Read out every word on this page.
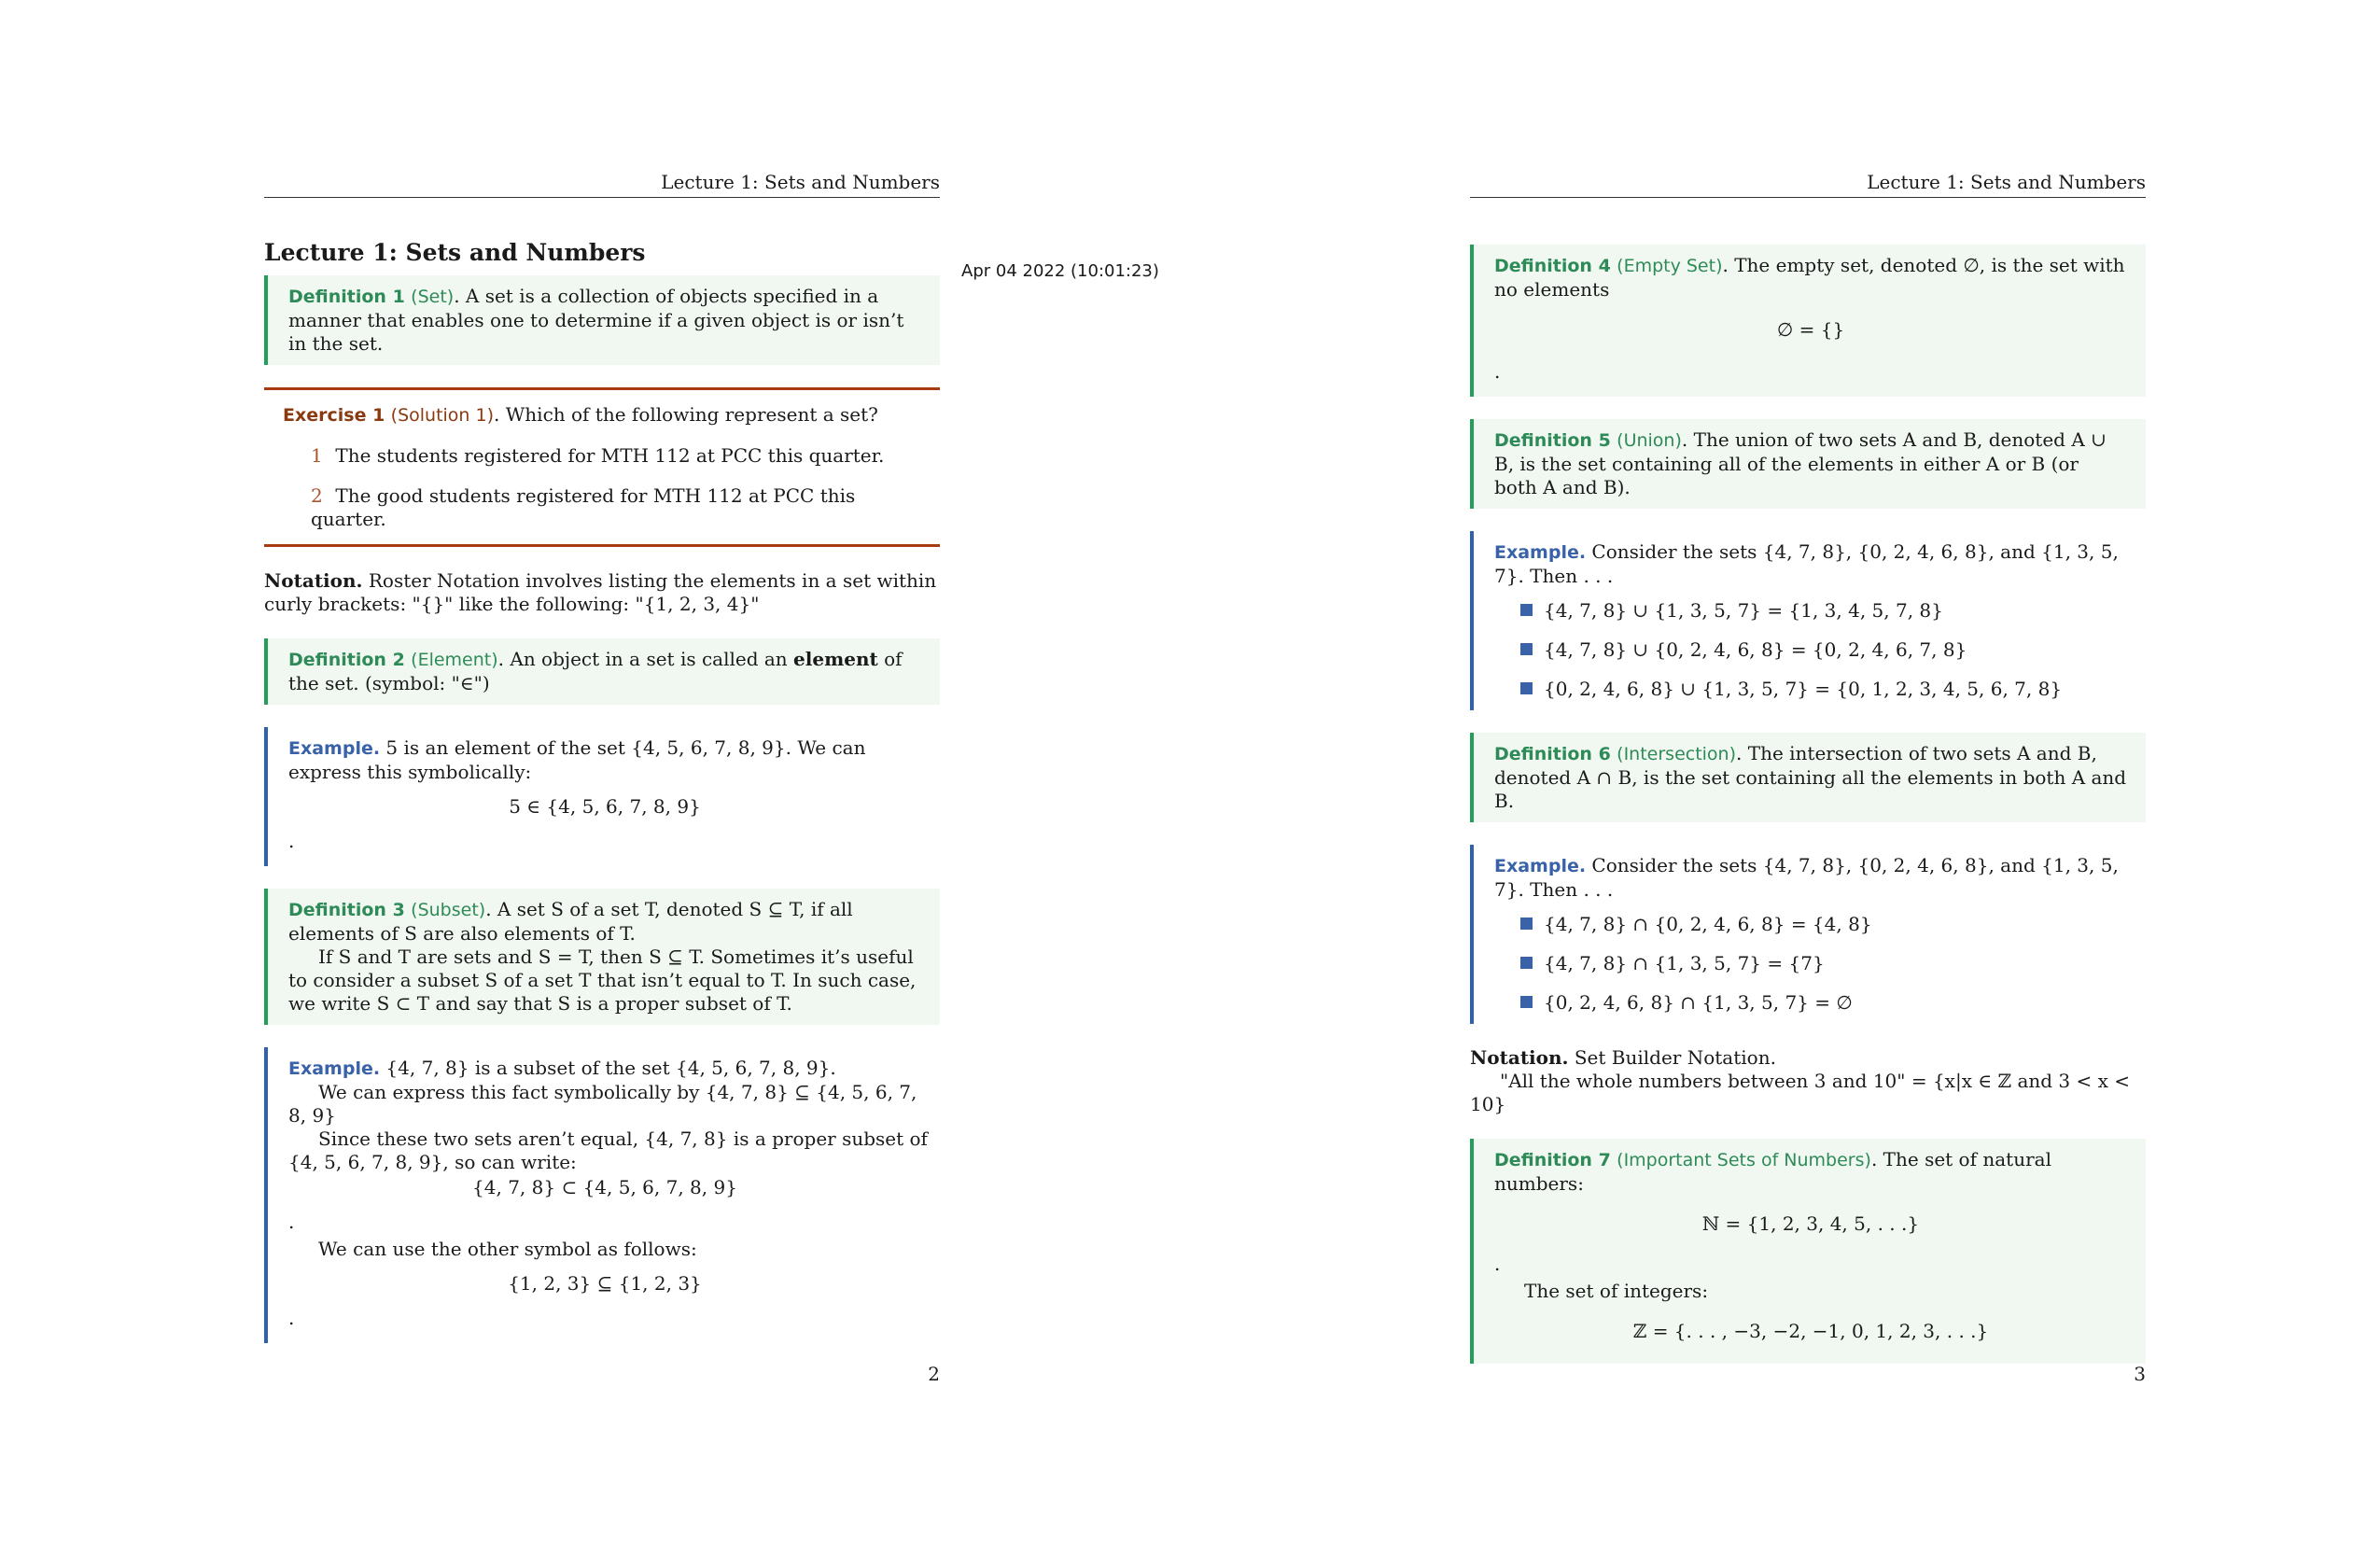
Apr 04 2022 (10:01:23)
Lecture 1: Sets and Numbers
Lecture 1: Sets and Numbers
Definition 1 (Set). A set is a collection of objects specified in a manner that enables one to determine if a given object is or isn’t in the set.
Exercise 1 (Solution 1). Which of the following represent a set?
1 The students registered for MTH 112 at PCC this quarter.
2 The good students registered for MTH 112 at PCC this quarter.
Notation. Roster Notation involves listing the elements in a set within curly brackets: "{}" like the following: "{1, 2, 3, 4}"
Definition 2 (Element). An object in a set is called an element of the set. (symbol: "∈")
Example. 5 is an element of the set {4, 5, 6, 7, 8, 9}. We can express this symbolically:
5 ∈ {4, 5, 6, 7, 8, 9}
.
Definition 3 (Subset). A set S of a set T, denoted S ⊆ T, if all elements of S are also elements of T.
If S and T are sets and S = T, then S ⊆ T. Sometimes it’s useful to consider a subset S of a set T that isn’t equal to T. In such case, we write S ⊂ T and say that S is a proper subset of T.
Example. {4, 7, 8} is a subset of the set {4, 5, 6, 7, 8, 9}.
We can express this fact symbolically by {4, 7, 8} ⊆ {4, 5, 6, 7, 8, 9}
Since these two sets aren’t equal, {4, 7, 8} is a proper subset of {4, 5, 6, 7, 8, 9}, so can write:
{4, 7, 8} ⊂ {4, 5, 6, 7, 8, 9}
.
We can use the other symbol as follows:
{1, 2, 3} ⊆ {1, 2, 3}
.
2
Lecture 1: Sets and Numbers
Definition 4 (Empty Set). The empty set, denoted ∅, is the set with no elements
∅ = {}
.
Definition 5 (Union). The union of two sets A and B, denoted A ∪ B, is the set containing all of the elements in either A or B (or both A and B).
Example. Consider the sets {4, 7, 8}, {0, 2, 4, 6, 8}, and {1, 3, 5, 7}. Then . . .
{4, 7, 8} ∪ {1, 3, 5, 7} = {1, 3, 4, 5, 7, 8}
{4, 7, 8} ∪ {0, 2, 4, 6, 8} = {0, 2, 4, 6, 7, 8}
{0, 2, 4, 6, 8} ∪ {1, 3, 5, 7} = {0, 1, 2, 3, 4, 5, 6, 7, 8}
Definition 6 (Intersection). The intersection of two sets A and B, denoted A ∩ B, is the set containing all the elements in both A and B.
Example. Consider the sets {4, 7, 8}, {0, 2, 4, 6, 8}, and {1, 3, 5, 7}. Then . . .
{4, 7, 8} ∩ {0, 2, 4, 6, 8} = {4, 8}
{4, 7, 8} ∩ {1, 3, 5, 7} = {7}
{0, 2, 4, 6, 8} ∩ {1, 3, 5, 7} = ∅
Notation. Set Builder Notation.
"All the whole numbers between 3 and 10" = {x|x ∈ ℤ and 3 < x < 10}
Definition 7 (Important Sets of Numbers). The set of natural numbers:
ℕ = {1, 2, 3, 4, 5, . . .}
.
The set of integers:
ℤ = {. . . , −3, −2, −1, 0, 1, 2, 3, . . .}
3
